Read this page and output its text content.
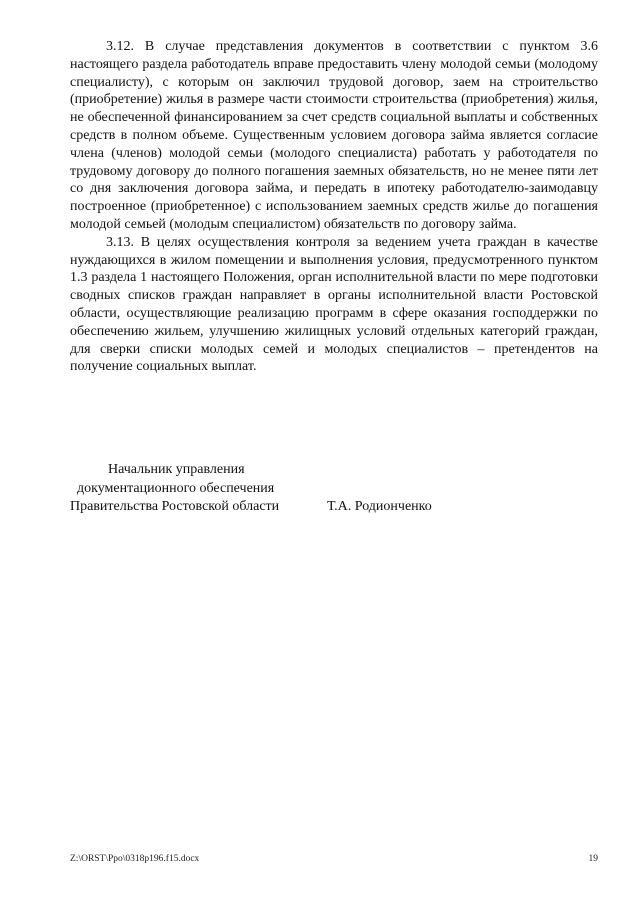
3.12. В случае представления документов в соответствии с пунктом 3.6 настоящего раздела работодатель вправе предоставить члену молодой семьи (молодому специалисту), с которым он заключил трудовой договор, заем на строительство (приобретение) жилья в размере части стоимости строительства (приобретения) жилья, не обеспеченной финансированием за счет средств социальной выплаты и собственных средств в полном объеме. Существенным условием договора займа является согласие члена (членов) молодой семьи (молодого специалиста) работать у работодателя по трудовому договору до полного погашения заемных обязательств, но не менее пяти лет со дня заключения договора займа, и передать в ипотеку работодателю-заимодавцу построенное (приобретенное) с использованием заемных средств жилье до погашения молодой семьей (молодым специалистом) обязательств по договору займа.

3.13. В целях осуществления контроля за ведением учета граждан в качестве нуждающихся в жилом помещении и выполнения условия, предусмотренного пунктом 1.3 раздела 1 настоящего Положения, орган исполнительной власти по мере подготовки сводных списков граждан направляет в органы исполнительной власти Ростовской области, осуществляющие реализацию программ в сфере оказания господдержки по обеспечению жильем, улучшению жилищных условий отдельных категорий граждан, для сверки списки молодых семей и молодых специалистов – претендентов на получение социальных выплат.

Начальник управления
документационного обеспечения
Правительства Ростовской области	Т.А. Родионченко
Z:\ORST\Ppo\0318p196.f15.docx	19
